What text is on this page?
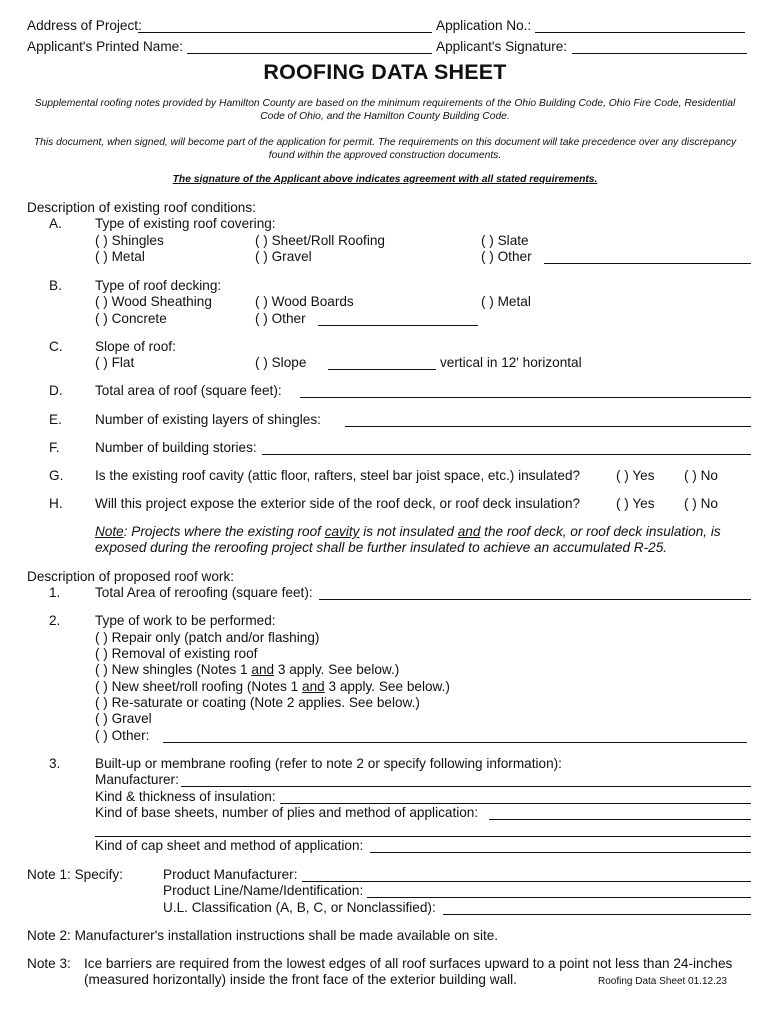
Address of Project:	Application No.:
Applicant's Printed Name:	Applicant's Signature:
ROOFING DATA SHEET
Supplemental roofing notes provided by Hamilton County are based on the minimum requirements of the Ohio Building Code, Ohio Fire Code, Residential Code of Ohio, and the Hamilton County Building Code.
This document, when signed, will become part of the application for permit. The requirements on this document will take precedence over any discrepancy found within the approved construction documents.
The signature of the Applicant above indicates agreement with all stated requirements.
Description of existing roof conditions:
A. Type of existing roof covering:
( ) Shingles	( ) Sheet/Roll Roofing	( ) Slate
( ) Metal	( ) Gravel	( ) Other
B. Type of roof decking:
( ) Wood Sheathing	( ) Wood Boards	( ) Metal
( ) Concrete	( ) Other
C. Slope of roof:
( ) Flat	( ) Slope	vertical in 12' horizontal
D. Total area of roof (square feet):
E. Number of existing layers of shingles:
F.	Number of building stories:
G. Is the existing roof cavity (attic floor, rafters, steel bar joist space, etc.) insulated?	( ) Yes ( ) No
H. Will this project expose the exterior side of the roof deck, or roof deck insulation?	( ) Yes ( ) No
Note: Projects where the existing roof cavity is not insulated and the roof deck, or roof deck insulation, is
exposed during the reroofing project shall be further insulated to achieve an accumulated R-25.
Description of proposed roof work:
1.	Total Area of reroofing (square feet):
2.	Type of work to be performed:
( ) Repair only (patch and/or flashing)
( ) Removal of existing roof
( ) New shingles (Notes 1 and 3 apply. See below.)
( ) New sheet/roll roofing (Notes 1 and 3 apply. See below.)
( ) Re-saturate or coating (Note 2 applies. See below.)
( ) Gravel
( ) Other:
3.	Built-up or membrane roofing (refer to note 2 or specify following information):
Manufacturer:
Kind & thickness of insulation:
Kind of base sheets, number of plies and method of application:
Kind of cap sheet and method of application:
Note 1: Specify:	Product Manufacturer:
Product Line/Name/Identification:
U.L. Classification (A, B, C, or Nonclassified):
Note 2: Manufacturer's installation instructions shall be made available on site.
Note 3: Ice barriers are required from the lowest edges of all roof surfaces upward to a point not less than 24-inches
(measured horizontally) inside the front face of the exterior building wall.	Roofing Data Sheet 01.12.23
